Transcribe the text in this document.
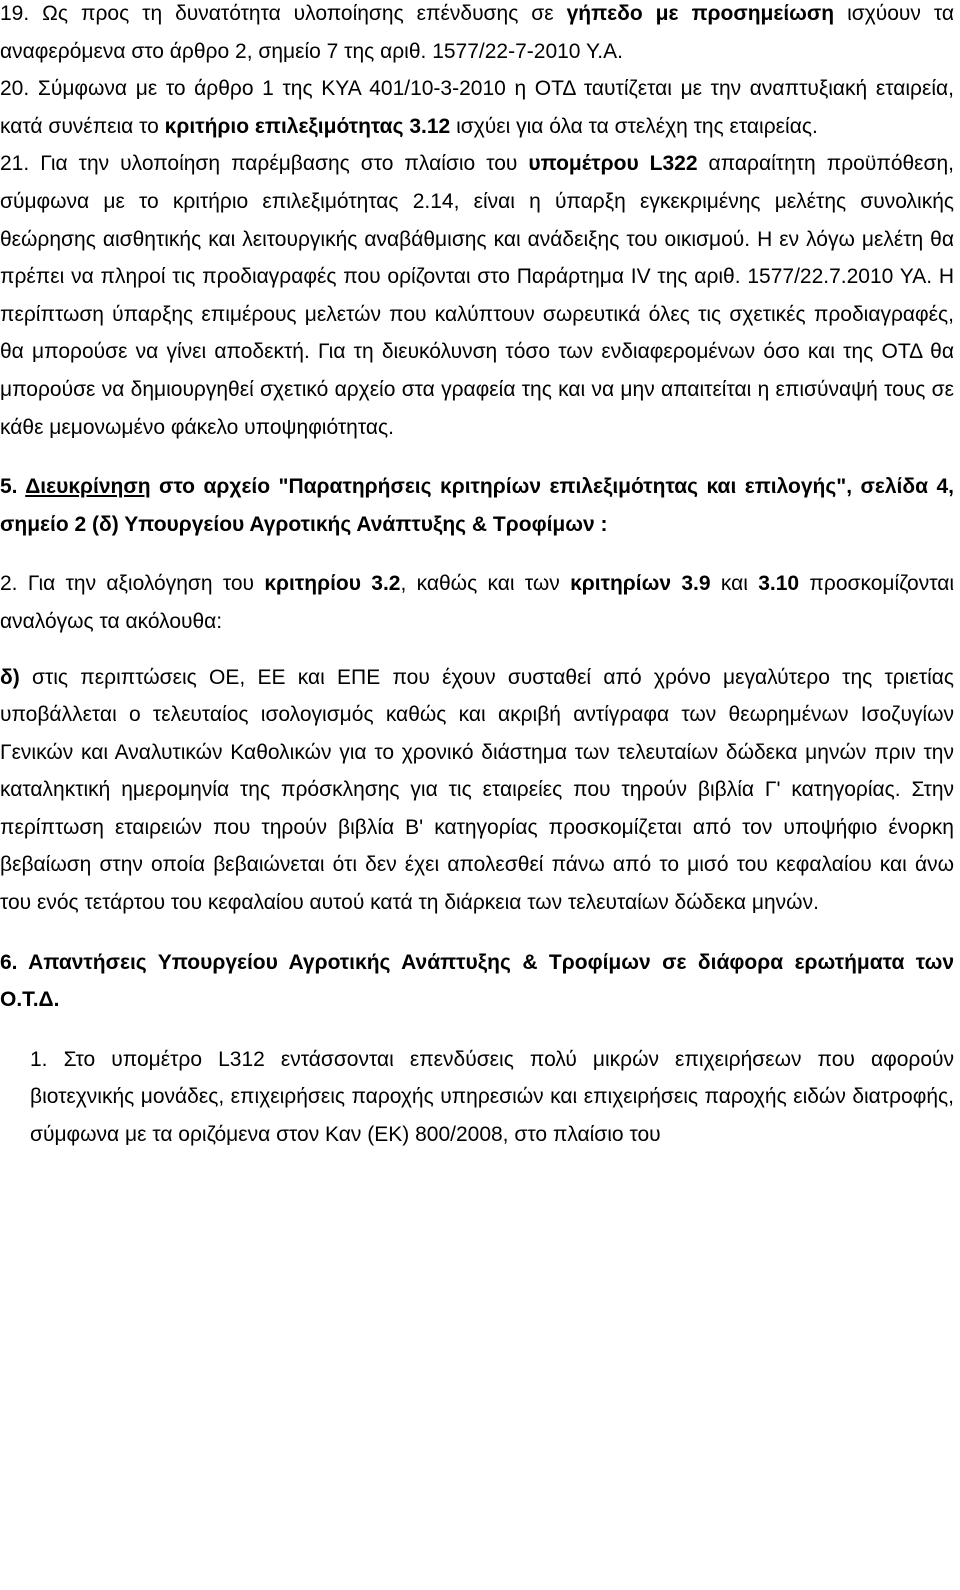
19. Ως προς τη δυνατότητα υλοποίησης επένδυσης σε γήπεδο με προσημείωση ισχύουν τα αναφερόμενα στο άρθρο 2, σημείο 7 της αριθ. 1577/22-7-2010 Υ.Α.

20. Σύμφωνα με το άρθρο 1 της ΚΥΑ 401/10-3-2010 η ΟΤΔ ταυτίζεται με την αναπτυξιακή εταιρεία, κατά συνέπεια το κριτήριο επιλεξιμότητας 3.12 ισχύει για όλα τα στελέχη της εταιρείας.

21. Για την υλοποίηση παρέμβασης στο πλαίσιο του υπομέτρου L322 απαραίτητη προϋπόθεση, σύμφωνα με το κριτήριο επιλεξιμότητας 2.14, είναι η ύπαρξη εγκεκριμένης μελέτης συνολικής θεώρησης αισθητικής και λειτουργικής αναβάθμισης και ανάδειξης του οικισμού. Η εν λόγω μελέτη θα πρέπει να πληροί τις προδιαγραφές που ορίζονται στο Παράρτημα IV της αριθ. 1577/22.7.2010 ΥΑ. Η περίπτωση ύπαρξης επιμέρους μελετών που καλύπτουν σωρευτικά όλες τις σχετικές προδιαγραφές, θα μπορούσε να γίνει αποδεκτή. Για τη διευκόλυνση τόσο των ενδιαφερομένων όσο και της ΟΤΔ θα μπορούσε να δημιουργηθεί σχετικό αρχείο στα γραφεία της και να μην απαιτείται η επισύναψή τους σε κάθε μεμονωμένο φάκελο υποψηφιότητας.

5. Διευκρίνηση στο αρχείο "Παρατηρήσεις κριτηρίων επιλεξιμότητας και επιλογής", σελίδα 4, σημείο 2 (δ) Υπουργείου Αγροτικής Ανάπτυξης & Τροφίμων :

2. Για την αξιολόγηση του κριτηρίου 3.2, καθώς και των κριτηρίων 3.9 και 3.10 προσκομίζονται αναλόγως τα ακόλουθα:

δ) στις περιπτώσεις ΟΕ, ΕΕ και ΕΠΕ που έχουν συσταθεί από χρόνο μεγαλύτερο της τριετίας υποβάλλεται ο τελευταίος ισολογισμός καθώς και ακριβή αντίγραφα των θεωρημένων Ισοζυγίων Γενικών και Αναλυτικών Καθολικών για το χρονικό διάστημα των τελευταίων δώδεκα μηνών πριν την καταληκτική ημερομηνία της πρόσκλησης για τις εταιρείες που τηρούν βιβλία Γ' κατηγορίας. Στην περίπτωση εταιρειών που τηρούν βιβλία Β' κατηγορίας προσκομίζεται από τον υποψήφιο ένορκη βεβαίωση στην οποία βεβαιώνεται ότι δεν έχει απολεσθεί πάνω από το μισό του κεφαλαίου και άνω του ενός τετάρτου του κεφαλαίου αυτού κατά τη διάρκεια των τελευταίων δώδεκα μηνών.

6. Απαντήσεις Υπουργείου Αγροτικής Ανάπτυξης & Τροφίμων σε διάφορα ερωτήματα των Ο.Τ.Δ.

1. Στο υπομέτρο L312 εντάσσονται επενδύσεις πολύ μικρών επιχειρήσεων που αφορούν βιοτεχνικής μονάδες, επιχειρήσεις παροχής υπηρεσιών και επιχειρήσεις παροχής ειδών διατροφής, σύμφωνα με τα οριζόμενα στον Καν (ΕΚ) 800/2008, στο πλαίσιο του
